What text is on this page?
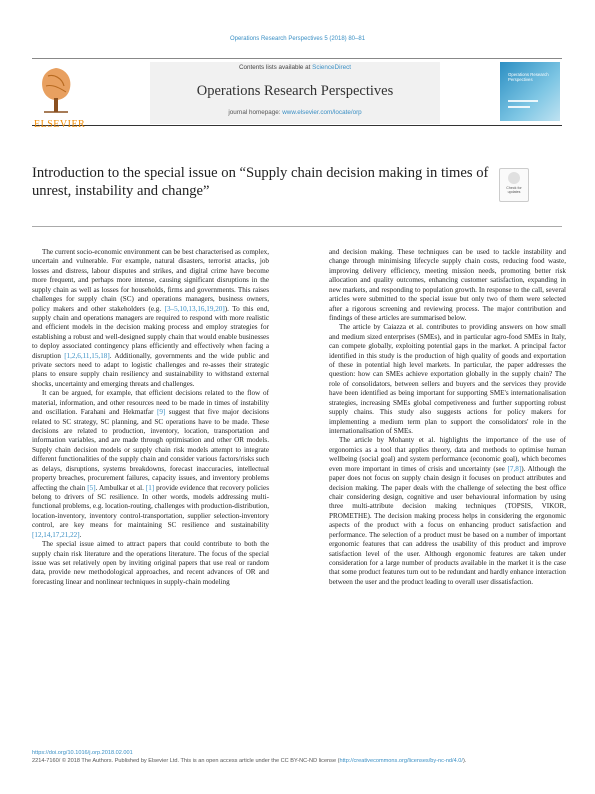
Operations Research Perspectives 5 (2018) 80–81
ELSEVIER
Contents lists available at ScienceDirect
Operations Research Perspectives
journal homepage: www.elsevier.com/locate/orp
Operations Research Perspectives
Introduction to the special issue on “Supply chain decision making in times of unrest, instability and change”	Check for updates

The current socio-economic environment can be best characterised as complex, uncertain and vulnerable. For example, natural disasters, terrorist attacks, job losses and distress, labour disputes and strikes, and digital crime have become more frequent, and perhaps more intense, causing significant disruptions in the supply chain as well as losses for households, firms and governments. This raises challenges for supply chain (SC) and operations managers, business owners, policy makers and other stakeholders (e.g. [3–5,10,13,16,19,20]). To this end, supply chain and operations managers are required to respond with more realistic and efficient models in the decision making process and employ strategies for establishing a robust and well-designed supply chain that would enable businesses to deploy associated contingency plans efficiently and effectively when facing a disruption [1,2,6,11,15,18]. Additionally, governments and the wide public and private sectors need to adapt to logistic challenges and re-asses their strategic plans to ensure supply chain resiliency and sustainability to withstand external shocks, uncertainty and emerging threats and challenges.

It can be argued, for example, that efficient decisions related to the flow of material, information, and other resources need to be made in times of instability and oscillation. Farahani and Hekmatfar [9] suggest that five major decisions related to SC strategy, SC planning, and SC operations have to be made. These decisions are related to production, inventory, location, transportation and information variables, and are made through optimisation and other OR models. Supply chain decision models or supply chain risk models attempt to integrate different functionalities of the supply chain and consider various factors/risks such as delays, disruptions, systems breakdowns, forecast inaccuracies, intellectual property breaches, procurement failures, capacity issues, and inventory problems affecting the chain [5]. Ambulkar et al. [1] provide evidence that recovery policies belong to drivers of SC resilience. In other words, models addressing multi-functional problems, e.g. location-routing, challenges with production-distribution, location-inventory, inventory control-transportation, supplier selection-inventory control, are key means for maintaining SC resilience and sustainability [12,14,17,21,22].

The special issue aimed to attract papers that could contribute to both the supply chain risk literature and the operations literature. The focus of the special issue was set relatively open by inviting original papers that use real or random data, provide new methodological approaches, and recent advances of OR and forecasting linear and nonlinear techniques in supply-chain modeling

and decision making. These techniques can be used to tackle instability and change through minimising lifecycle supply chain costs, reducing food waste, improving delivery efficiency, meeting mission needs, promoting better risk allocation and quality outcomes, enhancing customer satisfaction, expanding in new markets, and responding to population growth. In response to the call, several articles were submitted to the special issue but only two of them were selected after a rigorous screening and reviewing process. The major contribution and findings of these articles are summarised below.

The article by Caiazza et al. contributes to providing answers on how small and medium sized enterprises (SMEs), and in particular agro-food SMEs in Italy, can compete globally, exploiting potential gaps in the market. A principal factor identified in this study is the production of high quality of goods and exportation of these in potential high level markets. In particular, the paper addresses the question: how can SMEs achieve exportation globally in the supply chain? The role of consolidators, between sellers and buyers and the services they provide have been identified as being important for supporting SME's internationalisation strategies, increasing SMEs global competiveness and further supporting robust supply chains. This study also suggests actions for policy makers for implementing a medium term plan to support the consolidators' role in the internationalisation of SMEs.

The article by Mohanty et al. highlights the importance of the use of ergonomics as a tool that applies theory, data and methods to optimise human wellbeing (social goal) and system performance (economic goal), which becomes even more important in times of crisis and uncertainty (see [7,8]). Although the paper does not focus on supply chain design it focuses on product attributes and decision making. The paper deals with the challenge of selecting the best office chair considering design, cognitive and user behavioural information by using three multi-attribute decision making techniques (TOPSIS, VIKOR, PROMETHE). The decision making process helps in considering the ergonomic aspects of the product with a focus on enhancing product satisfaction and performance. The selection of a product must be based on a number of important ergonomic features that can address the usability of this product and improve satisfaction level of the user. Although ergonomic features are taken under consideration for a large number of products available in the market it is the case that some product features turn out to be redundant and hardly enhance interaction between the user and the product leading to overall user dissatisfaction.

https://doi.org/10.1016/j.orp.2018.02.001
2214-7160/ © 2018 The Authors. Published by Elsevier Ltd. This is an open access article under the CC BY-NC-ND license (http://creativecommons.org/licenses/by-nc-nd/4.0/).
